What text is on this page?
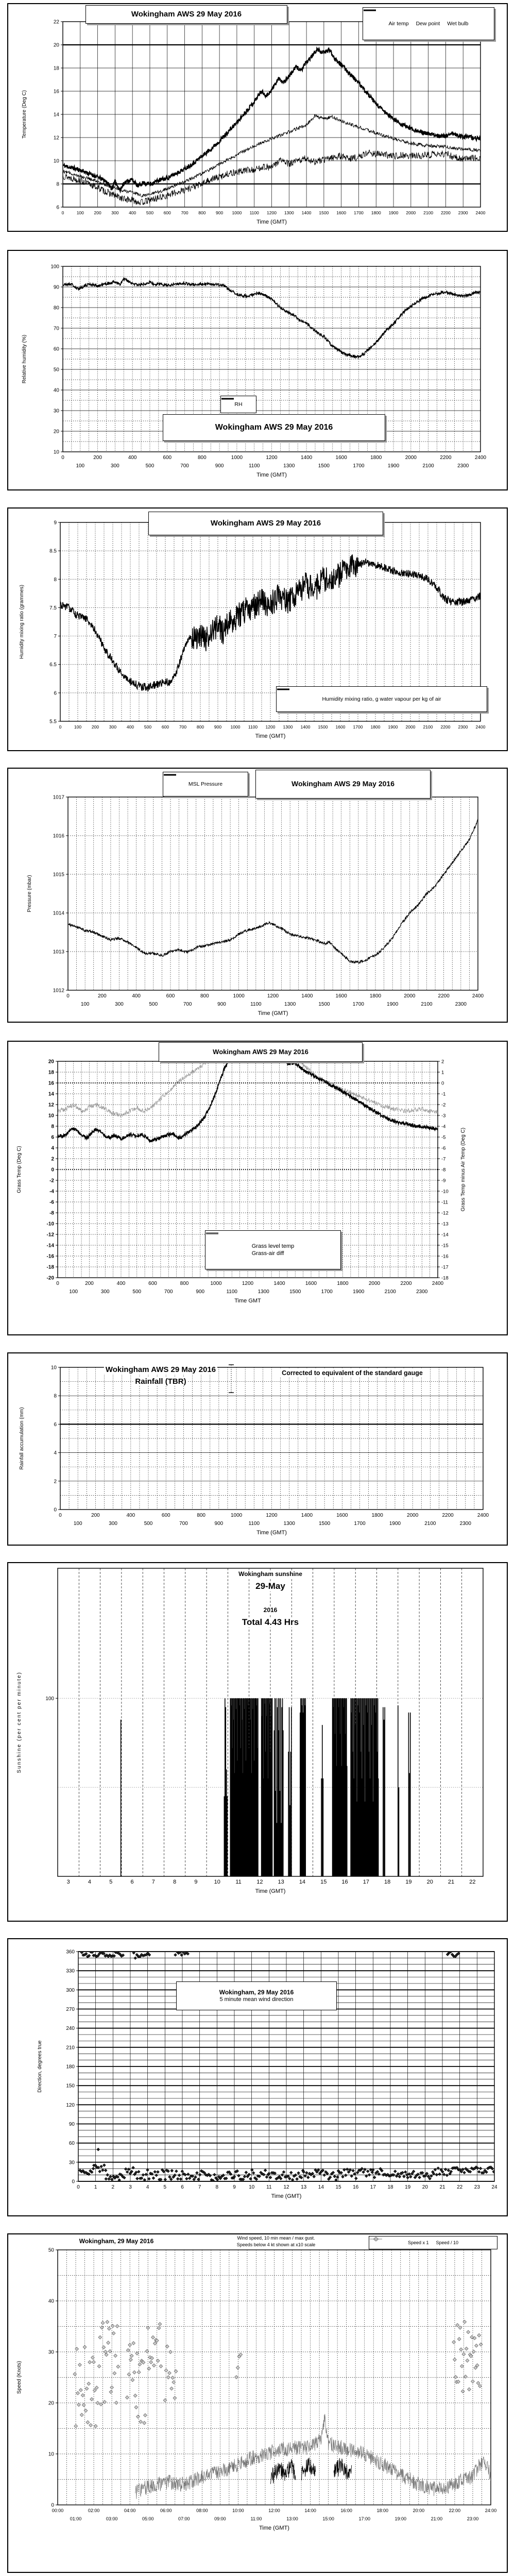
6
8
10
12
14
16
18
20
22
0	100 200 300 400 500 600 700 800 900 1000 1100 1200 1300 1400 1500 1600 1700 1800 1900 2000 2100 2200 2300 2400
Time (GMT)
Temperature (Deg C)
Wokingham AWS 29 May 2016
Air temp Dew point Wet bulb
10
20
30
40
50
60
70
80
90
100
0
100
200
300
400
500
600
700
800
900
1000
1100
1200
1300
1400
1500
1600
1700
1800
1900
2000
2100
2200
2300
2400
Time (GMT)
Relative humidity (%)
Wokingham AWS 29 May 2016
RH
5.5
6
6.5
7
7.5
8
8.5
9
0	100 200 300 400 500 600 700 800 900 1000 1100 1200 1300 1400 1500 1600 1700 1800 1900 2000 2100 2200 2300 2400
Time (GMT)
Humidity mixing ratio (grammes)
Wokingham AWS 29 May 2016
Humidity mixing ratio, g water vapour per kg of air
1012
1013
1014
1015
1016
1017
0
100
200
300
400
500
600
700
800
900
1000
1100
1200
1300
1400
1500
1600
1700
1800
1900
2000
2100
2200
2300
2400
Time (GMT)
Pressure (mbar)
Wokingham AWS 29 May 2016
MSL Pressure
-20
-18
-16
-14
-12
-10
-8
-6
-4
-2
0
2
4
6
8
10
12
14
16
18
20
0
100
200
300
400
500
600
700
800
900
1000
1100
1200
1300
1400
1500
1600
1700
1800
1900
2000
2100
2200
2300
2400
Time GMT
Grass Temp (Deg C)
-18
-17
-16
-15
-14
-13
-12
-11
-10
-9
-8
-7
-6
-5
-4
-3
-2
-1
0
1
2
Grass Temp minus Air Temp (Deg C)
Wokingham AWS 29 May 2016
Grass level temp
Grass-air diff
0
2
4
6
8
10
0
100
200
300
400
500
600
700
800
900
1000
1100
1200
1300
1400
1500
1600
1700
1800
1900
2000
2100
2200
2300
2400
Time (GMT)
Rainfall accumulation (mm)
Wokingham AWS 29 May 2016
Rainfall (TBR)
Corrected to equivalent of the standard gauge
100
3	4	5	6	7	8	9	10	11	12	13	14	15	16	17	18	19	20	21	22
Time (GMT)
Sunshine (per cent per minute)
Wokingham sunshine
29-May
2016
Total 4.43 Hrs
0
30
60
90
120
150
180
210
240
270
300
330
360
0	1	2	3	4	5	6	7	8	9	10 11 12 13 14 15 16 17 18 19 20 21 22 23 24
Time (GMT)
Direction, degrees true
Wokingham, 29 May 2016
5 minute mean wind direction
0
10
20
30
40
50
00:00
01:00
02:00
03:00
04:00
05:00
06:00
07:00
08:00
09:00
10:00
11:00
12:00
13:00
14:00
15:00
16:00
17:00
18:00
19:00
20:00
21:00
22:00
23:00
24:00
Time (GMT)
Speed (Knots)
Wokingham, 29 May 2016	Wind speed, 10 min mean / max gust.
Speeds below 4 kt shown at x10 scale	Speed x 1 Speed / 10
